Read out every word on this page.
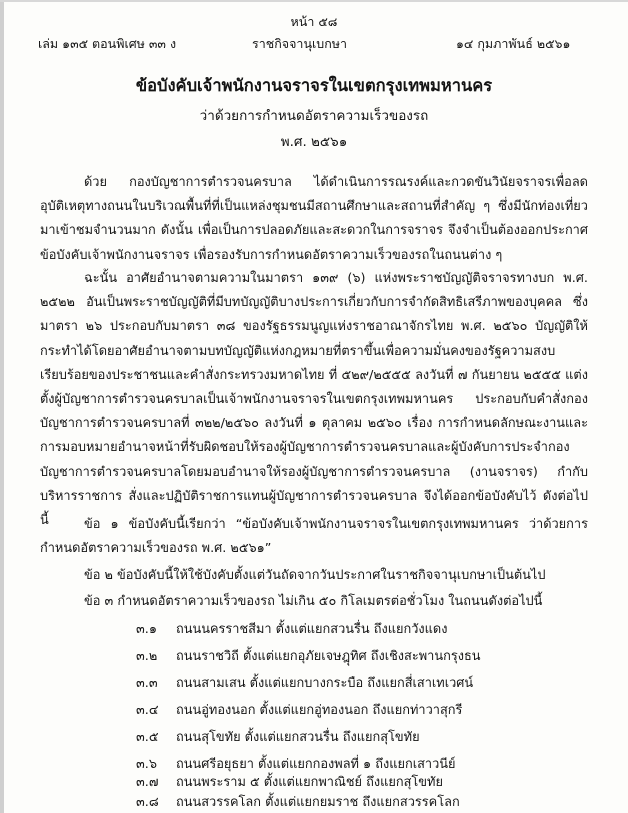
หน้า ๕๘
เล่ม ๑๓๕ ตอนพิเศษ ๓๓ ง	ราชกิจจานุเบกษา	๑๔ กุมภาพันธ์ ๒๕๖๑
ข้อบังคับเจ้าพนักงานจราจรในเขตกรุงเทพมหานคร
ว่าด้วยการกำหนดอัตราความเร็วของรถ
พ.ศ. ๒๕๖๑

ด้วย กองบัญชาการตำรวจนครบาล ได้ดำเนินการรณรงค์และกวดขันวินัยจราจรเพื่อลดอุบัติเหตุทางถนนในบริเวณพื้นที่ที่เป็นแหล่งชุมชนมีสถานศึกษาและสถานที่สำคัญ ๆ ซึ่งมีนักท่องเที่ยวมาเข้าชมจำนวนมาก ดังนั้น เพื่อเป็นการปลอดภัยและสะดวกในการจราจร จึงจำเป็นต้องออกประกาศข้อบังคับเจ้าพนักงานจราจร เพื่อรองรับการกำหนดอัตราความเร็วของรถในถนนต่าง ๆ

ฉะนั้น อาศัยอำนาจตามความในมาตรา ๑๓๙ (๖) แห่งพระราชบัญญัติจราจรทางบก พ.ศ. ๒๕๒๒ อันเป็นพระราชบัญญัติที่มีบทบัญญัติบางประการเกี่ยวกับการจำกัดสิทธิเสรีภาพของบุคคล ซึ่งมาตรา ๒๖ ประกอบกับมาตรา ๓๘ ของรัฐธรรมนูญแห่งราชอาณาจักรไทย พ.ศ. ๒๕๖๐ บัญญัติให้กระทำได้โดยอาศัยอำนาจตามบทบัญญัติแห่งกฎหมายที่ตราขึ้นเพื่อความมั่นคงของรัฐความสงบเรียบร้อยของประชาชนและคำสั่งกระทรวงมหาดไทย ที่ ๕๒๙/๒๕๕๕ ลงวันที่ ๗ กันยายน ๒๕๕๕ แต่งตั้งผู้บัญชาการตำรวจนครบาลเป็นเจ้าพนักงานจราจรในเขตกรุงเทพมหานคร ประกอบกับคำสั่งกองบัญชาการตำรวจนครบาลที่ ๓๒๒/๒๕๖๐ ลงวันที่ ๑ ตุลาคม ๒๕๖๐ เรื่อง การกำหนดลักษณะงานและการมอบหมายอำนาจหน้าที่รับผิดชอบให้รองผู้บัญชาการตำรวจนครบาลและผู้บังคับการประจำกองบัญชาการตำรวจนครบาลโดยมอบอำนาจให้รองผู้บัญชาการตำรวจนครบาล (งานจราจร) กำกับบริหารราชการ สั่งและปฏิบัติราชการแทนผู้บัญชาการตำรวจนครบาล จึงได้ออกข้อบังคับไว้ ดังต่อไปนี้	ข้อ ๑ ข้อบังคับนี้เรียกว่า “ข้อบังคับเจ้าพนักงานจราจรในเขตกรุงเทพมหานคร ว่าด้วยการกำหนดอัตราความเร็วของรถ พ.ศ. ๒๕๖๑”

ข้อ ๒ ข้อบังคับนี้ให้ใช้บังคับตั้งแต่วันถัดจากวันประกาศในราชกิจจานุเบกษาเป็นต้นไป

ข้อ ๓ กำหนดอัตราความเร็วของรถ ไม่เกิน ๕๐ กิโลเมตรต่อชั่วโมง ในถนนดังต่อไปนี้

๓.๑ ถนนนครราชสีมา ตั้งแต่แยกสวนรื่น ถึงแยกวังแดง
๓.๒ ถนนราชวิถี ตั้งแต่แยกอุภัยเจษฎุทิศ ถึงเชิงสะพานกรุงธน
๓.๓ ถนนสามเสน ตั้งแต่แยกบางกระบือ ถึงแยกสี่เสาเทเวศน์
๓.๔ ถนนอู่ทองนอก ตั้งแต่แยกอู่ทองนอก ถึงแยกท่าวาสุกรี
๓.๕ ถนนสุโขทัย ตั้งแต่แยกสวนรื่น ถึงแยกสุโขทัย
๓.๖ ถนนศรีอยุธยา ตั้งแต่แยกกองพลที่ ๑ ถึงแยกเสาวนีย์
๓.๗ ถนนพระราม ๕ ตั้งแต่แยกพาณิชย์ ถึงแยกสุโขทัย
๓.๘ ถนนสวรรคโลก ตั้งแต่แยกยมราช ถึงแยกสวรรคโลก
